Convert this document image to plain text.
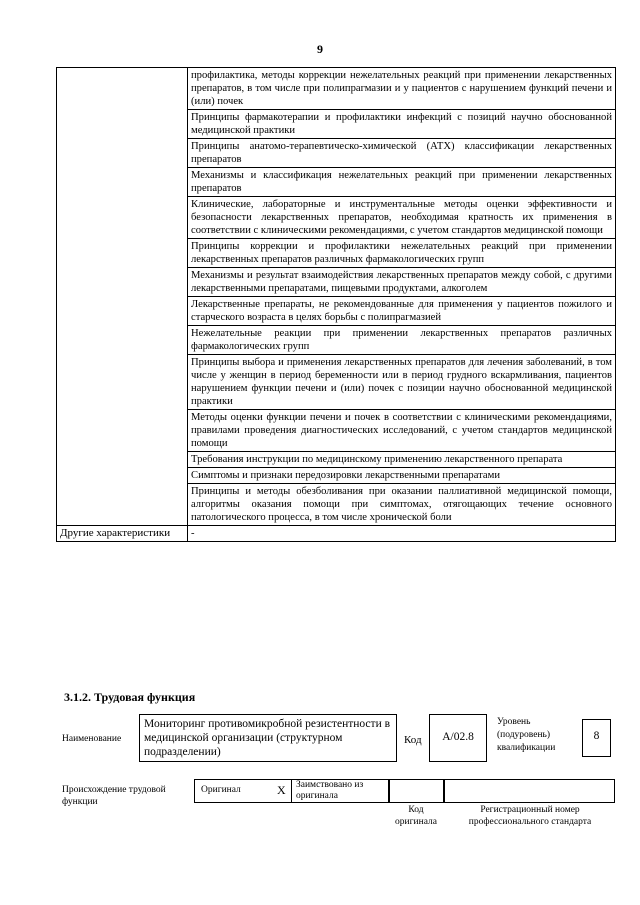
9
	профилактика, методы коррекции нежелательных реакций при применении лекарственных препаратов, в том числе при полипрагмазии и у пациентов с нарушением функций печени и (или) почек
	Принципы фармакотерапии и профилактики инфекций с позиций научно обоснованной медицинской практики
	Принципы анатомо-терапевтическо-химической (АТХ) классификации лекарственных препаратов
	Механизмы и классификация нежелательных реакций при применении лекарственных препаратов
	Клинические, лабораторные и инструментальные методы оценки эффективности и безопасности лекарственных препаратов, необходимая кратность их применения в соответствии с клиническими рекомендациями, с учетом стандартов медицинской помощи
	Принципы коррекции и профилактики нежелательных реакций при применении лекарственных препаратов различных фармакологических групп
	Механизмы и результат взаимодействия лекарственных препаратов между собой, с другими лекарственными препаратами, пищевыми продуктами, алкоголем
	Лекарственные препараты, не рекомендованные для применения у пациентов пожилого и старческого возраста в целях борьбы с полипрагмазией
	Нежелательные реакции при применении лекарственных препаратов различных фармакологических групп
	Принципы выбора и применения лекарственных препаратов для лечения заболеваний, в том числе у женщин в период беременности или в период грудного вскармливания, пациентов нарушением функции печени и (или) почек с позиции научно обоснованной медицинской практики
	Методы оценки функции печени и почек в соответствии с клиническими рекомендациями, правилами проведения диагностических исследований, с учетом стандартов медицинской помощи
	Требования инструкции по медицинскому применению лекарственного препарата
	Симптомы и признаки передозировки лекарственными препаратами
	Принципы и методы обезболивания при оказании паллиативной медицинской помощи, алгоритмы оказания помощи при симптомах, отягощающих течение основного патологического процесса, в том числе хронической боли
Другие характеристики	-
3.1.2. Трудовая функция
Наименование
Мониторинг противомикробной резистентности в медицинской организации (структурном подразделении)
Код	A/02.8
Уровень (подуровень) квалификации
8
Происхождение трудовой функции
Оригинал	X Заимствовано из оригинала
Код оригинала
Регистрационный номер профессионального стандарта
